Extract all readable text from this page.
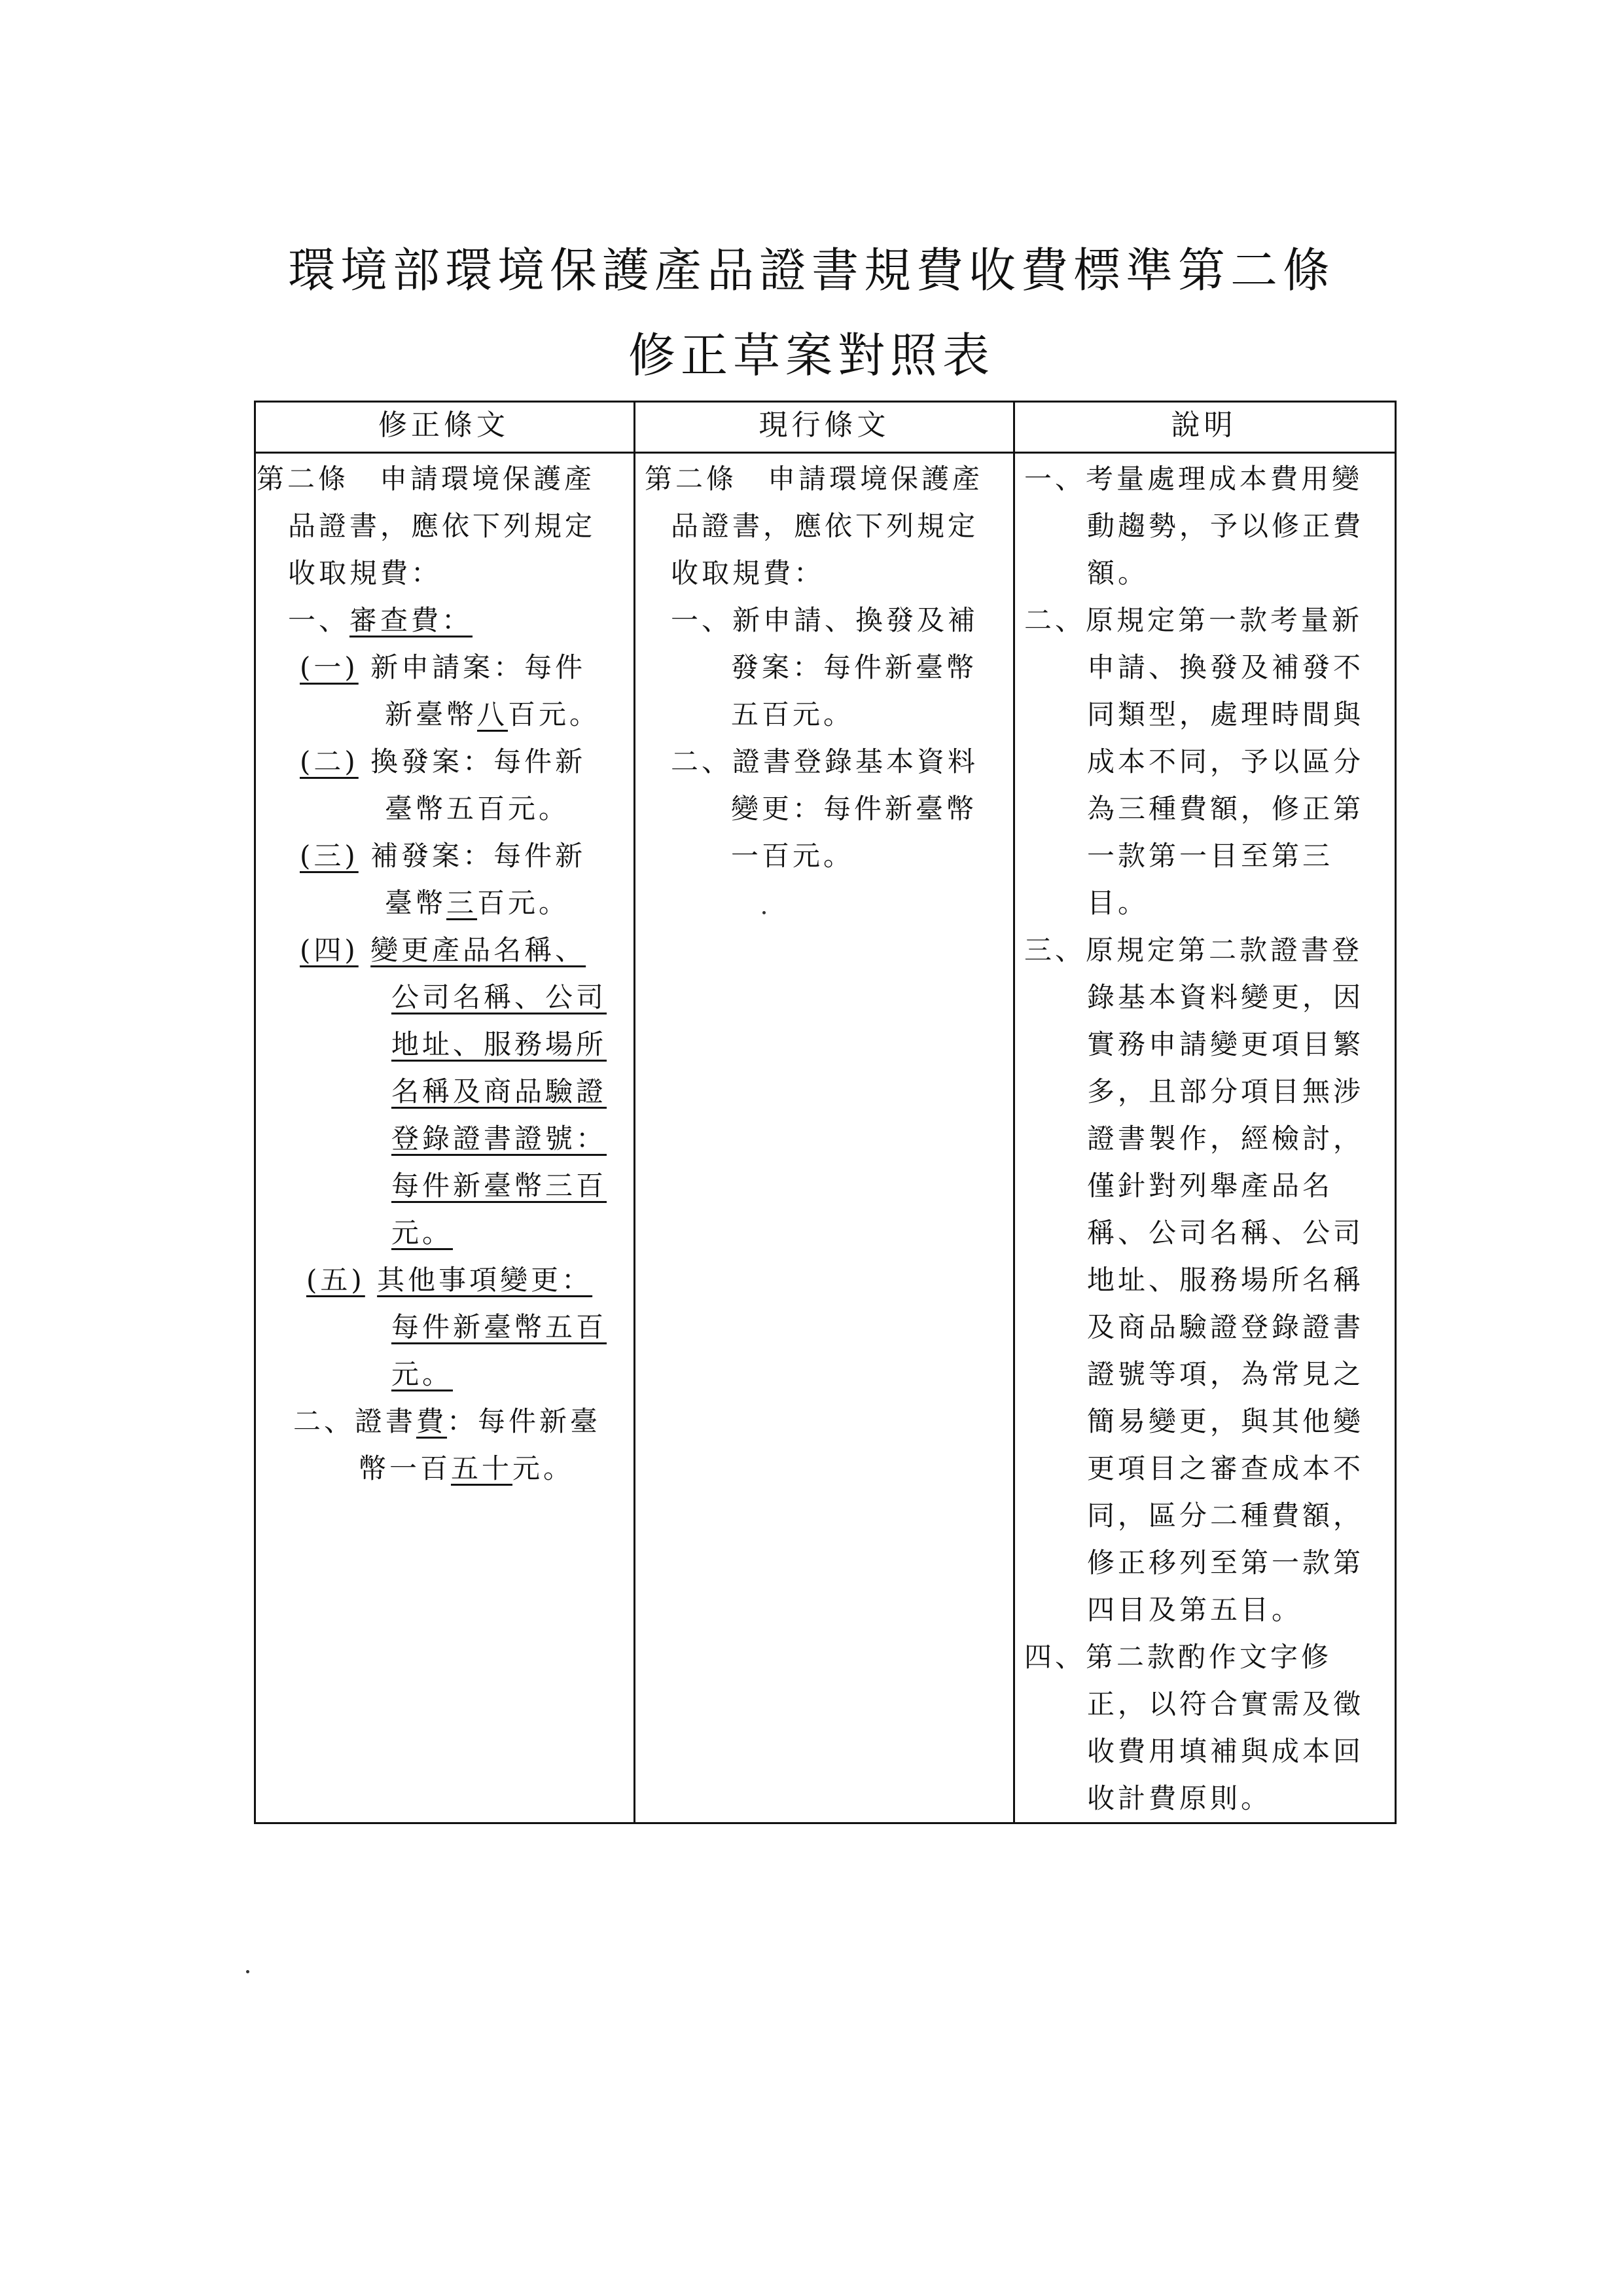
環境部環境保護產品證書規費收費標準第二條
修正草案對照表
修正條文	現行條文	說明
第二條　申請環境保護產
品證書，應依下列規定
收取規費：
一、審查費：
(一) 新申請案：每件
新臺幣八百元。
(二) 換發案：每件新
臺幣五百元。
(三) 補發案：每件新
臺幣三百元。
(四) 變更產品名稱、
公司名稱、公司
地址、服務場所
名稱及商品驗證
登錄證書證號：
每件新臺幣三百
元。
(五) 其他事項變更：
每件新臺幣五百
元。
二、證書費：每件新臺
幣一百五十元。
第二條　申請環境保護產
品證書，應依下列規定
收取規費：
一、新申請、換發及補
發案：每件新臺幣
五百元。
二、證書登錄基本資料
變更：每件新臺幣
一百元。
一、考量處理成本費用變
動趨勢，予以修正費
額。
二、原規定第一款考量新
申請、換發及補發不
同類型，處理時間與
成本不同，予以區分
為三種費額，修正第
一款第一目至第三
目。
三、原規定第二款證書登
錄基本資料變更，因
實務申請變更項目繁
多，且部分項目無涉
證書製作，經檢討，
僅針對列舉產品名
稱、公司名稱、公司
地址、服務場所名稱
及商品驗證登錄證書
證號等項，為常見之
簡易變更，與其他變
更項目之審查成本不
同，區分二種費額，
修正移列至第一款第
四目及第五目。
四、第二款酌作文字修
正，以符合實需及徵
收費用填補與成本回
收計費原則。
